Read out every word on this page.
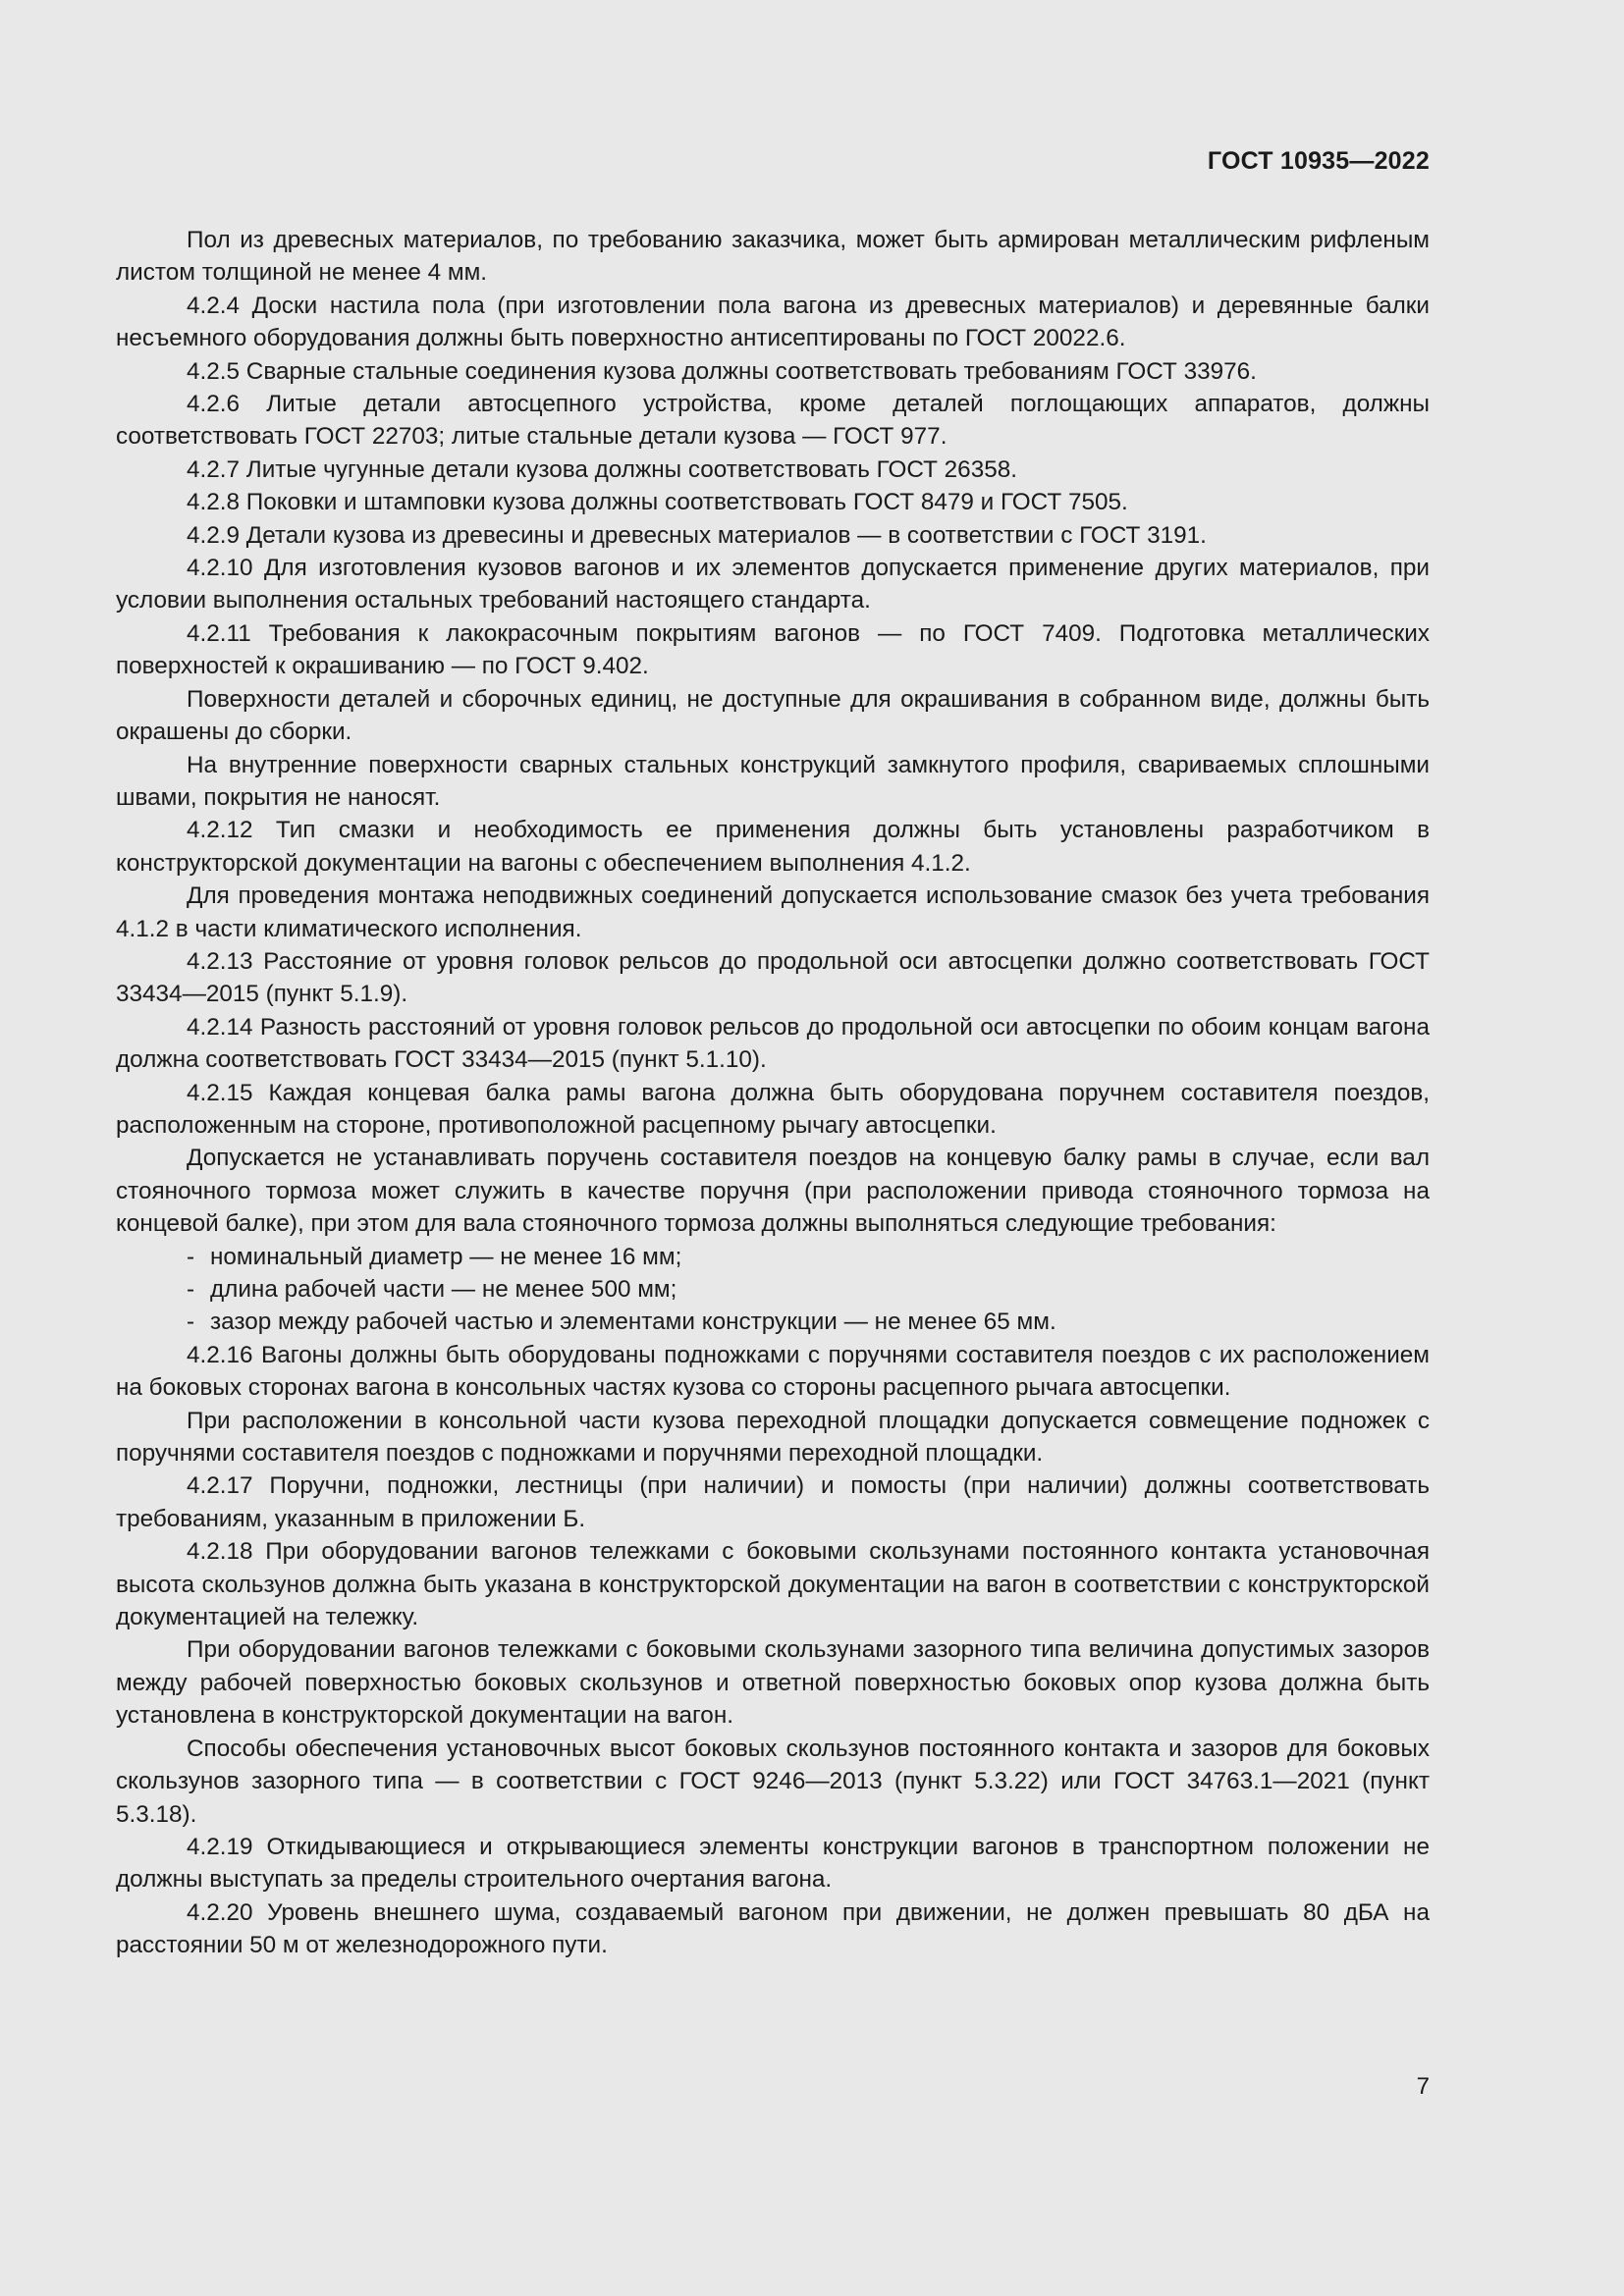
ГОСТ 10935—2022

Пол из древесных материалов, по требованию заказчика, может быть армирован металлическим рифленым листом толщиной не менее 4 мм.

4.2.4 Доски настила пола (при изготовлении пола вагона из древесных материалов) и деревянные балки несъемного оборудования должны быть поверхностно антисептированы по ГОСТ 20022.6.

4.2.5 Сварные стальные соединения кузова должны соответствовать требованиям ГОСТ 33976.

4.2.6 Литые детали автосцепного устройства, кроме деталей поглощающих аппаратов, должны соответствовать ГОСТ 22703; литые стальные детали кузова — ГОСТ 977.

4.2.7 Литые чугунные детали кузова должны соответствовать ГОСТ 26358.

4.2.8 Поковки и штамповки кузова должны соответствовать ГОСТ 8479 и ГОСТ 7505.

4.2.9 Детали кузова из древесины и древесных материалов — в соответствии с ГОСТ 3191.

4.2.10 Для изготовления кузовов вагонов и их элементов допускается применение других материалов, при условии выполнения остальных требований настоящего стандарта.

4.2.11 Требования к лакокрасочным покрытиям вагонов — по ГОСТ 7409. Подготовка металлических поверхностей к окрашиванию — по ГОСТ 9.402.

Поверхности деталей и сборочных единиц, не доступные для окрашивания в собранном виде, должны быть окрашены до сборки.

На внутренние поверхности сварных стальных конструкций замкнутого профиля, свариваемых сплошными швами, покрытия не наносят.

4.2.12 Тип смазки и необходимость ее применения должны быть установлены разработчиком в конструкторской документации на вагоны с обеспечением выполнения 4.1.2.

Для проведения монтажа неподвижных соединений допускается использование смазок без учета требования 4.1.2 в части климатического исполнения.

4.2.13 Расстояние от уровня головок рельсов до продольной оси автосцепки должно соответствовать ГОСТ 33434—2015 (пункт 5.1.9).

4.2.14 Разность расстояний от уровня головок рельсов до продольной оси автосцепки по обоим концам вагона должна соответствовать ГОСТ 33434—2015 (пункт 5.1.10).

4.2.15 Каждая концевая балка рамы вагона должна быть оборудована поручнем составителя поездов, расположенным на стороне, противоположной расцепному рычагу автосцепки.

Допускается не устанавливать поручень составителя поездов на концевую балку рамы в случае, если вал стояночного тормоза может служить в качестве поручня (при расположении привода стояночного тормоза на концевой балке), при этом для вала стояночного тормоза должны выполняться следующие требования:

- номинальный диаметр — не менее 16 мм;
- длина рабочей части — не менее 500 мм;
- зазор между рабочей частью и элементами конструкции — не менее 65 мм.

4.2.16 Вагоны должны быть оборудованы подножками с поручнями составителя поездов с их расположением на боковых сторонах вагона в консольных частях кузова со стороны расцепного рычага автосцепки.

При расположении в консольной части кузова переходной площадки допускается совмещение подножек с поручнями составителя поездов с подножками и поручнями переходной площадки.

4.2.17 Поручни, подножки, лестницы (при наличии) и помосты (при наличии) должны соответствовать требованиям, указанным в приложении Б.

4.2.18 При оборудовании вагонов тележками с боковыми скользунами постоянного контакта установочная высота скользунов должна быть указана в конструкторской документации на вагон в соответствии с конструкторской документацией на тележку.

При оборудовании вагонов тележками с боковыми скользунами зазорного типа величина допустимых зазоров между рабочей поверхностью боковых скользунов и ответной поверхностью боковых опор кузова должна быть установлена в конструкторской документации на вагон.

Способы обеспечения установочных высот боковых скользунов постоянного контакта и зазоров для боковых скользунов зазорного типа — в соответствии с ГОСТ 9246—2013 (пункт 5.3.22) или ГОСТ 34763.1—2021 (пункт 5.3.18).

4.2.19 Откидывающиеся и открывающиеся элементы конструкции вагонов в транспортном положении не должны выступать за пределы строительного очертания вагона.

4.2.20 Уровень внешнего шума, создаваемый вагоном при движении, не должен превышать 80 дБА на расстоянии 50 м от железнодорожного пути.

7
